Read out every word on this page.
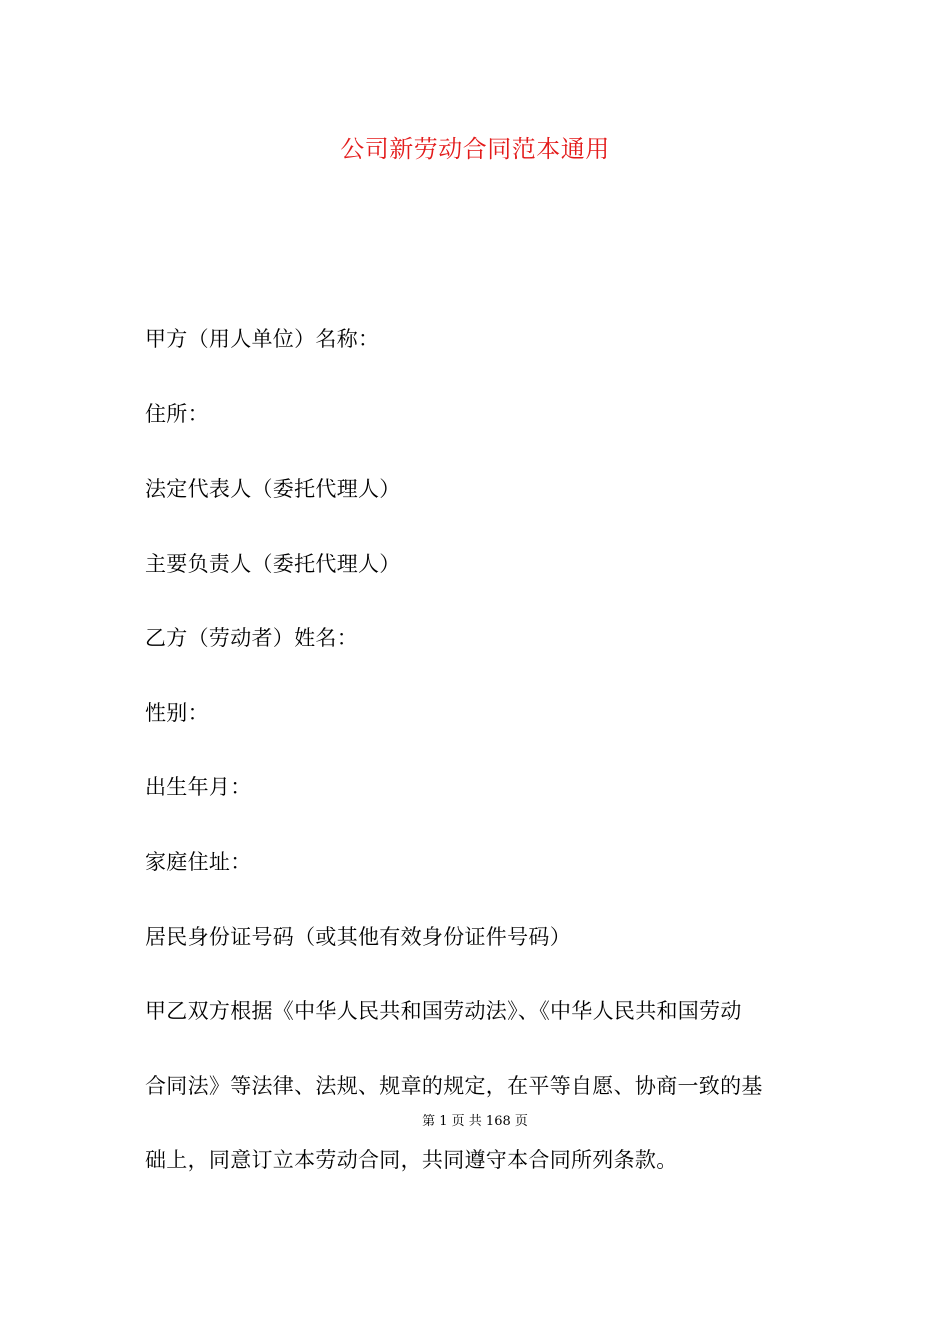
公司新劳动合同范本通用
甲方（用人单位）名称：
住所：
法定代表人（委托代理人）
主要负责人（委托代理人）
乙方（劳动者）姓名：
性别：
出生年月：
家庭住址：
居民身份证号码（或其他有效身份证件号码）
甲乙双方根据《中华人民共和国劳动法》、《中华人民共和国劳动
合同法》等法律、法规、规章的规定，在平等自愿、协商一致的基
础上，同意订立本劳动合同，共同遵守本合同所列条款。
第 1 页 共 168 页
